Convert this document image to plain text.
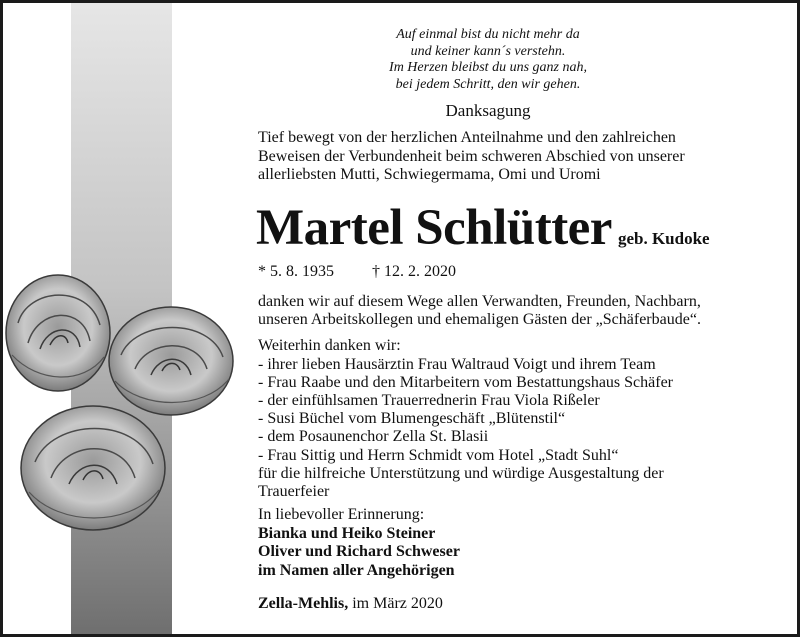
Auf einmal bist du nicht mehr da
und keiner kann´s verstehn.
Im Herzen bleibst du uns ganz nah,
bei jedem Schritt, den wir gehen.
Danksagung
Tief bewegt von der herzlichen Anteilnahme und den zahlreichen
Beweisen der Verbundenheit beim schweren Abschied von unserer
allerliebsten Mutti, Schwiegermama, Omi und Uromi
Martel Schlütter geb. Kudoke
* 5. 8. 1935 † 12. 2. 2020
danken wir auf diesem Wege allen Verwandten, Freunden, Nachbarn,
unseren Arbeitskollegen und ehemaligen Gästen der „Schäferbaude“.
Weiterhin danken wir:
- ihrer lieben Hausärztin Frau Waltraud Voigt und ihrem Team
- Frau Raabe und den Mitarbeitern vom Bestattungshaus Schäfer
- der einfühlsamen Trauerrednerin Frau Viola Rißeler
- Susi Büchel vom Blumengeschäft „Blütenstil“
- dem Posaunenchor Zella St. Blasii
- Frau Sittig und Herrn Schmidt vom Hotel „Stadt Suhl“
für die hilfreiche Unterstützung und würdige Ausgestaltung der
Trauerfeier
In liebevoller Erinnerung:
Bianka und Heiko Steiner
Oliver und Richard Schweser
im Namen aller Angehörigen
Zella-Mehlis, im März 2020
